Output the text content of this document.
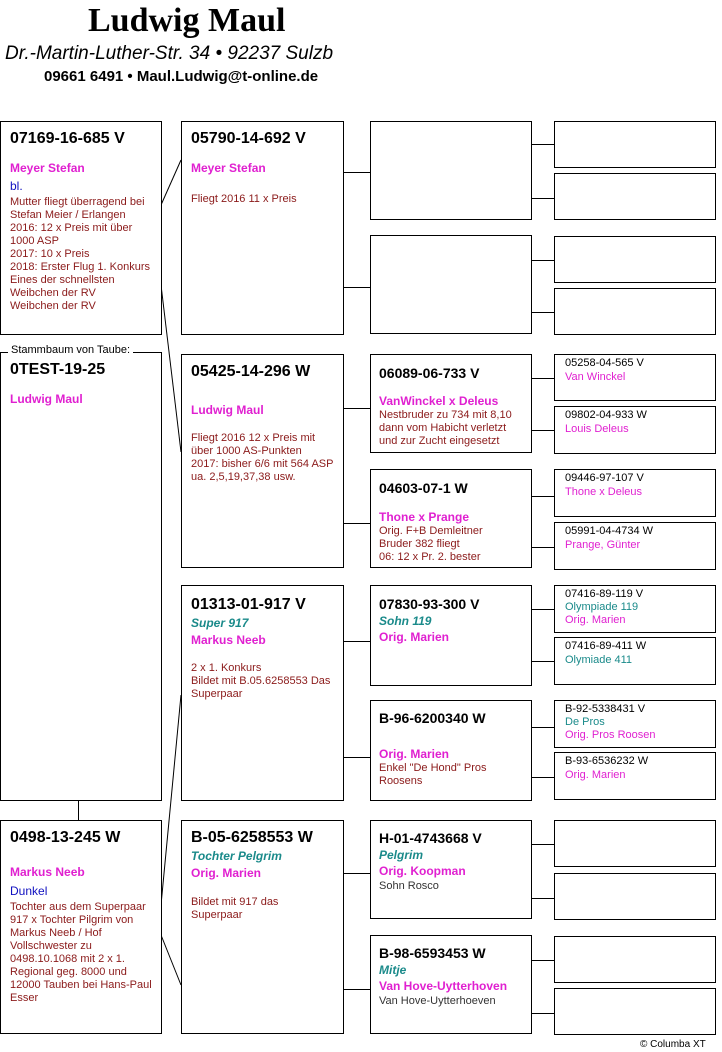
Ludwig Maul
Dr.-Martin-Luther-Str. 34 • 92237 Sulzb
09661 6491 • Maul.Ludwig@t-online.de
07169-16-685 V
Meyer Stefan
bl.
Mutter fliegt überragend bei Stefan Meier / Erlangen
2016: 12 x Preis mit über 1000 ASP
2017: 10 x Preis
2018: Erster Flug 1. Konkurs
Eines der schnellsten Weibchen der RV
Weibchen der RV
0TEST-19-25
Ludwig Maul
Stammbaum von Taube:
0498-13-245 W
Markus Neeb
Dunkel
Tochter aus dem Superpaar 917 x Tochter Pilgrim von Markus Neeb / Hof Vollschwester zu 0498.10.1068 mit 2 x 1. Regional geg. 8000 und 12000 Tauben bei Hans-Paul Esser
05790-14-692 V
Meyer Stefan
Fliegt 2016 11 x Preis
05425-14-296 W
Ludwig Maul
Fliegt 2016 12 x Preis mit über 1000 AS-Punkten
2017: bisher 6/6 mit 564 ASP ua. 2,5,19,37,38 usw.
01313-01-917 V
Super 917
Markus Neeb
2 x 1. Konkurs
Bildet mit B.05.6258553 Das Superpaar
B-05-6258553 W
Tochter Pelgrim
Orig. Marien
Bildet mit 917 das Superpaar
06089-06-733 V
VanWinckel x Deleus
Nestbruder zu 734 mit 8,10 dann vom Habicht verletzt und zur Zucht eingesetzt
04603-07-1 W
Thone x Prange
Orig. F+B Demleitner
Bruder 382 fliegt
06: 12 x Pr. 2. bester
07830-93-300 V
Sohn 119
Orig. Marien
B-96-6200340 W
Orig. Marien
Enkel "De Hond" Pros Roosens
H-01-4743668 V
Pelgrim
Orig. Koopman
Sohn Rosco
B-98-6593453 W
Mitje
Van Hove-Uytterhoven
Van Hove-Uytterhoeven
05258-04-565 V
Van Winckel
09802-04-933 W
Louis Deleus
09446-97-107 V
Thone x Deleus
05991-04-4734 W
Prange, Günter
07416-89-119 V
Olympiade 119
Orig. Marien
07416-89-411 W
Olymiade 411
B-92-5338431 V
De Pros
Orig. Pros Roosen
B-93-6536232 W
Orig. Marien
© Columba XT
